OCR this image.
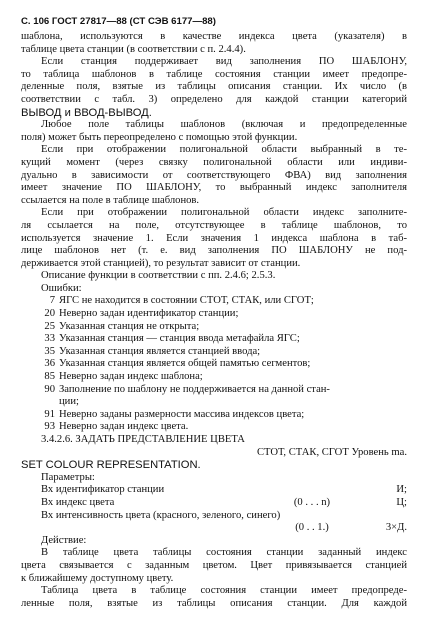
С. 106 ГОСТ 27817—88 (СТ СЭВ 6177—88)
шаблона, используются в качестве индекса цвета (указателя) в
таблице цвета станции (в соответствии с п. 2.4.4).
Если станция поддерживает вид заполнения ПО ШАБЛОНУ,
то таблица шаблонов в таблице состояния станции имеет предопре-
деленные поля, взятые из таблицы описания станции. Их число (в
соответствии с табл. 3) определено для каждой станции категорий
ВЫВОД и ВВОД-ВЫВОД.
Любое поле таблицы шаблонов (включая и предопределенные
поля) может быть переопределено с помощью этой функции.
Если при отображении полигональной области выбранный в те-
кущий момент (через связку полигональной области или индиви-
дуально в зависимости от соответствующего ФВА) вид заполнения
имеет значение ПО ШАБЛОНУ, то выбранный индекс заполнителя
ссылается на поле в таблице шаблонов.
Если при отображении полигональной области индекс заполните-
ля ссылается на поле, отсутствующее в таблице шаблонов, то
используется значение 1. Если значения 1 индекса шаблона в таб-
лице шаблонов нет (т. е. вид заполнения ПО ШАБЛОНУ не под-
держивается этой станцией), то результат зависит от станции.
Описание функции в соответствии с пп. 2.4.6; 2.5.3.
Ошибки:
7 ЯГС не находится в состоянии СТОТ, СТАК, или СГОТ;
20 Неверно задан идентификатор станции;
25 Указанная станция не открыта;
33 Указанная станция — станция ввода метафайла ЯГС;
35 Указанная станция является станцией ввода;
36 Указанная станция является общей памятью сегментов;
85 Неверно задан индекс шаблона;
90 Заполнение по шаблону не поддерживается на данной стан-
ции;
91 Неверно заданы размерности массива индексов цвета;
93 Неверно задан индекс цвета.
3.4.2.6. ЗАДАТЬ ПРЕДСТАВЛЕНИЕ ЦВЕТА
СТОТ, СТАК, СГОТ Уровень ma.
SET COLOUR REPRESENTATION.
Параметры:
Вх идентификатор станции	И;
Вх индекс цвета	(0 . . . n)	Ц;
Вх интенсивность цвета (красного, зеленого, синего)
(0 . . 1.)	3×Д.
Действие:
В таблице цвета таблицы состояния станции заданный индекс
цвета связывается с заданным цветом. Цвет привязывается станцией
к ближайшему доступному цвету.
Таблица цвета в таблице состояния станции имеет предопреде-
ленные поля, взятые из таблицы описания станции. Для каждой
